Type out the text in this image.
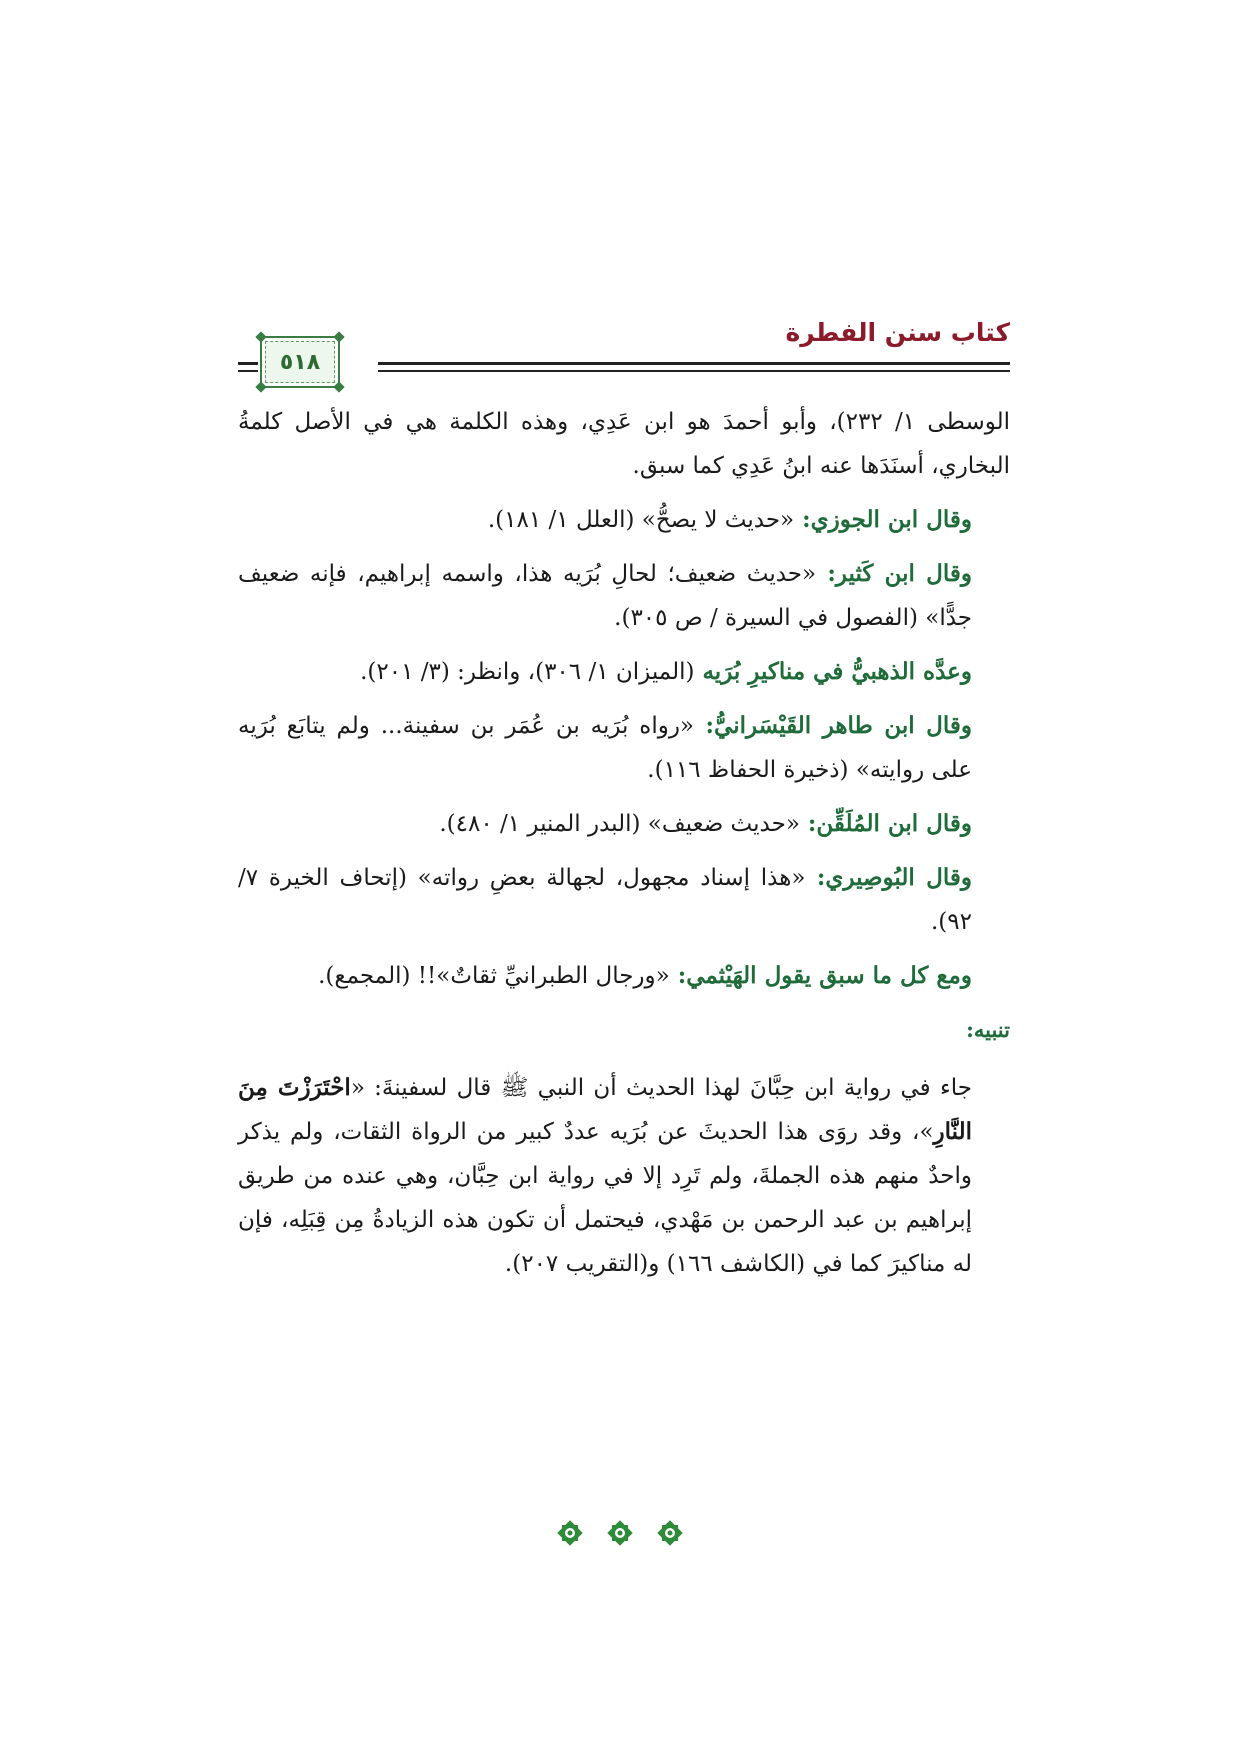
كتاب سنن الفطرة
٥١٨

الوسطى ١/ ٢٣٢)، وأبو أحمدَ هو ابن عَدِي، وهذه الكلمة هي في الأصل كلمةُ البخاري، أسنَدَها عنه ابنُ عَدِي كما سبق.

وقال ابن الجوزي: «حديث لا يصحُّ» (العلل ١/ ١٨١).

وقال ابن كَثير: «حديث ضعيف؛ لحالِ بُرَيه هذا، واسمه إبراهيم، فإنه ضعيف جدًّا» (الفصول في السيرة / ص ٣٠٥).

وعدَّه الذهبيُّ في مناكيرِ بُرَيه (الميزان ١/ ٣٠٦)، وانظر: (٣/ ٢٠١).

وقال ابن طاهر القَيْسَرانيُّ: «رواه بُرَيه بن عُمَر بن سفينة... ولم يتابَع بُرَيه على روايته» (ذخيرة الحفاظ ١١٦).

وقال ابن المُلَقِّن: «حديث ضعيف» (البدر المنير ١/ ٤٨٠).

وقال البُوصِيري: «هذا إسناد مجهول، لجهالة بعضِ رواته» (إتحاف الخيرة ٧/ ٩٢).

ومع كل ما سبق يقول الهَيْثمي: «ورجال الطبرانيِّ ثقاتٌ»!! (المجمع).

تنبيه:

جاء في رواية ابن حِبَّانَ لهذا الحديث أن النبي ﷺ قال لسفينةَ: «احْتَرَزْتَ مِنَ النَّارِ»، وقد روَى هذا الحديثَ عن بُرَيه عددٌ كبير من الرواة الثقات، ولم يذكر واحدٌ منهم هذه الجملةَ، ولم تَرِد إلا في رواية ابن حِبَّان، وهي عنده من طريق إبراهيم بن عبد الرحمن بن مَهْدي، فيحتمل أن تكون هذه الزيادةُ مِن قِبَلِه، فإن له مناكيرَ كما في (الكاشف ١٦٦) و(التقريب ٢٠٧).
